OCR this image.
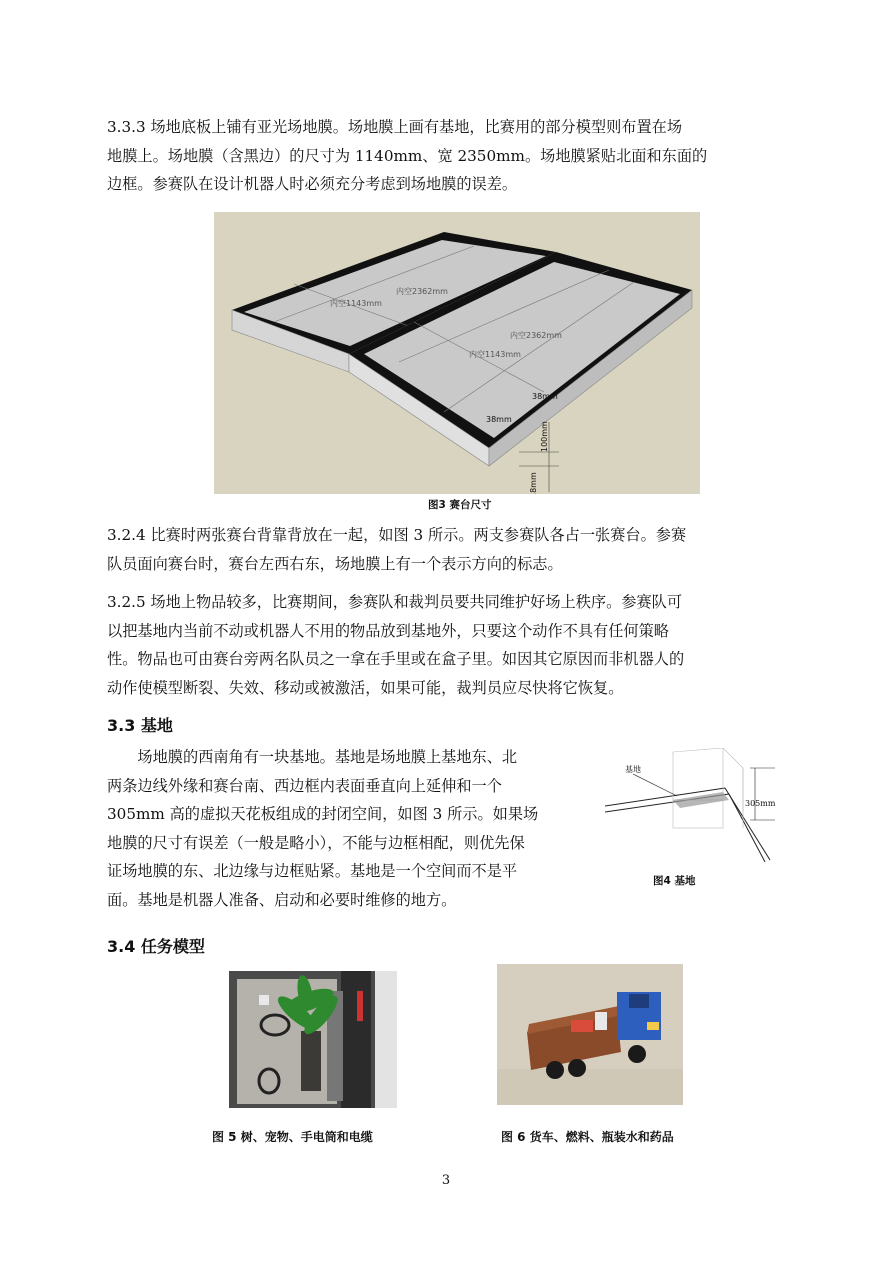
3.3.3 场地底板上铺有亚光场地膜。场地膜上画有基地，比赛用的部分模型则布置在场
地膜上。场地膜（含黑边）的尺寸为 1140mm、宽 2350mm。场地膜紧贴北面和东面的
边框。参赛队在设计机器人时必须充分考虑到场地膜的误差。
内空2362mm
内空1143mm
内空2362mm
内空1143mm
38mm
38mm
100mm
18mm
图3 赛台尺寸
3.2.4 比赛时两张赛台背靠背放在一起，如图 3 所示。两支参赛队各占一张赛台。参赛
队员面向赛台时，赛台左西右东，场地膜上有一个表示方向的标志。
3.2.5 场地上物品较多，比赛期间，参赛队和裁判员要共同维护好场上秩序。参赛队可
以把基地内当前不动或机器人不用的物品放到基地外，只要这个动作不具有任何策略
性。物品也可由赛台旁两名队员之一拿在手里或在盒子里。如因其它原因而非机器人的
动作使模型断裂、失效、移动或被激活，如果可能，裁判员应尽快将它恢复。
3.3 基地
　　场地膜的西南角有一块基地。基地是场地膜上基地东、北
两条边线外缘和赛台南、西边框内表面垂直向上延伸和一个
305mm 高的虚拟天花板组成的封闭空间，如图 3 所示。如果场
地膜的尺寸有误差（一般是略小），不能与边框相配，则优先保
证场地膜的东、北边缘与边框贴紧。基地是一个空间而不是平
面。基地是机器人准备、启动和必要时维修的地方。
基地
305mm
图4 基地
3.4 任务模型
图 5 树、宠物、手电筒和电缆	图 6 货车、燃料、瓶装水和药品
3
